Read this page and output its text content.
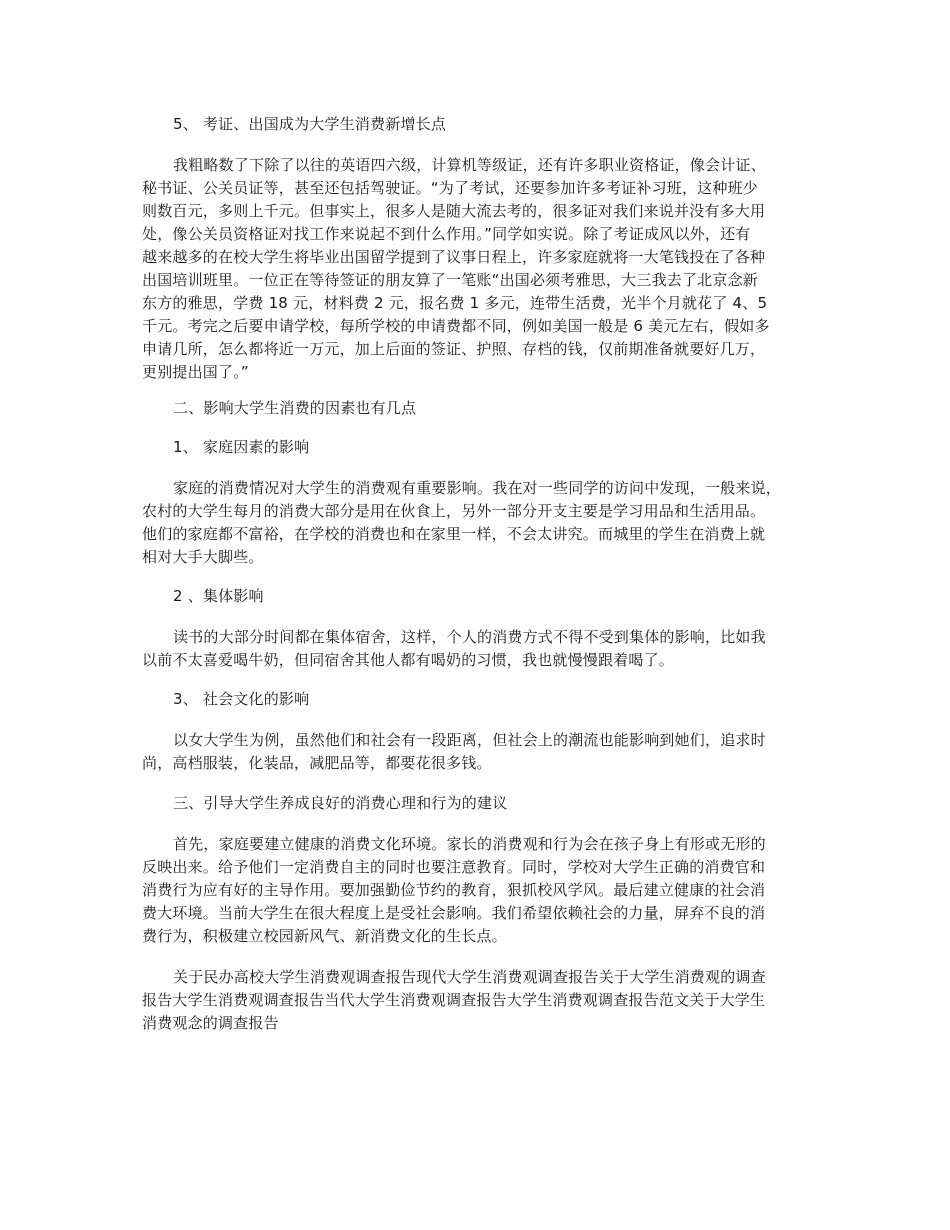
5、 考证、出国成为大学生消费新增长点
我粗略数了下除了以往的英语四六级，计算机等级证，还有许多职业资格证，像会计证、
秘书证、公关员证等，甚至还包括驾驶证。“为了考试，还要参加许多考证补习班，这种班少
则数百元，多则上千元。但事实上，很多人是随大流去考的，很多证对我们来说并没有多大用
处，像公关员资格证对找工作来说起不到什么作用。”同学如实说。除了考证成风以外，还有
越来越多的在校大学生将毕业出国留学提到了议事日程上，许多家庭就将一大笔钱投在了各种
出国培训班里。一位正在等待签证的朋友算了一笔账“出国必须考雅思，大三我去了北京念新
东方的雅思，学费 18 元，材料费 2 元，报名费 1 多元，连带生活费，光半个月就花了 4、5
千元。考完之后要申请学校，每所学校的申请费都不同，例如美国一般是 6 美元左右，假如多
申请几所，怎么都将近一万元，加上后面的签证、护照、存档的钱，仅前期准备就要好几万，
更别提出国了。”
二、影响大学生消费的因素也有几点
1、 家庭因素的影响
家庭的消费情况对大学生的消费观有重要影响。我在对一些同学的访问中发现，一般来说，
农村的大学生每月的消费大部分是用在伙食上，另外一部分开支主要是学习用品和生活用品。
他们的家庭都不富裕，在学校的消费也和在家里一样，不会太讲究。而城里的学生在消费上就
相对大手大脚些。
2 、集体影响
读书的大部分时间都在集体宿舍，这样，个人的消费方式不得不受到集体的影响，比如我
以前不太喜爱喝牛奶，但同宿舍其他人都有喝奶的习惯，我也就慢慢跟着喝了。
3、 社会文化的影响
以女大学生为例，虽然他们和社会有一段距离，但社会上的潮流也能影响到她们，追求时
尚，高档服装，化装品，减肥品等，都要花很多钱。
三、引导大学生养成良好的消费心理和行为的建议
首先，家庭要建立健康的消费文化环境。家长的消费观和行为会在孩子身上有形或无形的
反映出来。给予他们一定消费自主的同时也要注意教育。同时，学校对大学生正确的消费官和
消费行为应有好的主导作用。要加强勤俭节约的教育，狠抓校风学风。最后建立健康的社会消
费大环境。当前大学生在很大程度上是受社会影响。我们希望依赖社会的力量，屏弃不良的消
费行为，积极建立校园新风气、新消费文化的生长点。
关于民办高校大学生消费观调查报告现代大学生消费观调查报告关于大学生消费观的调查
报告大学生消费观调查报告当代大学生消费观调查报告大学生消费观调查报告范文关于大学生
消费观念的调查报告
